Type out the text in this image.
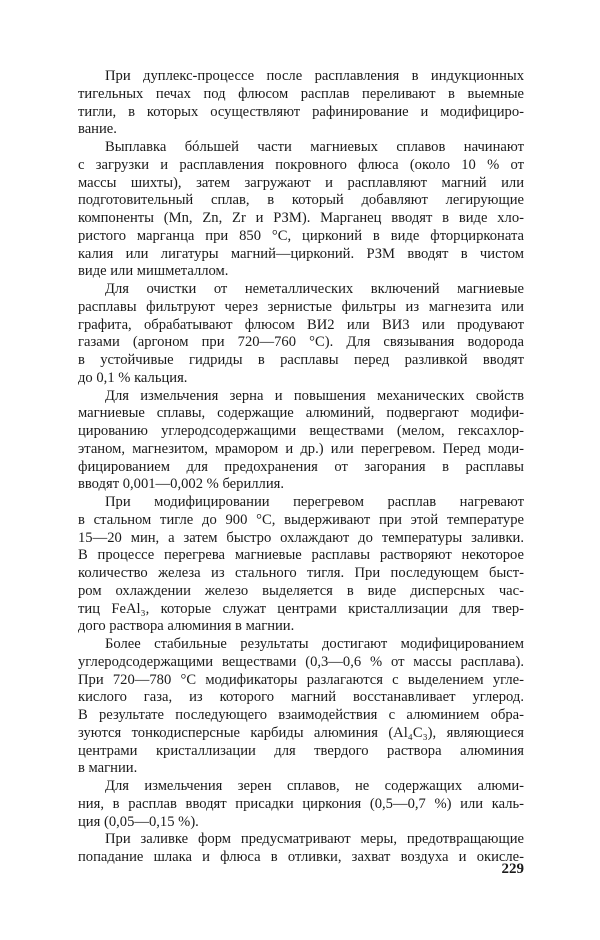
При дуплекс-процессе после расплавления в индукционных
тигельных печах под флюсом расплав переливают в выемные
тигли, в которых осуществляют рафинирование и модифициро-
вание.
Выплавка бóльшей части магниевых сплавов начинают
с загрузки и расплавления покровного флюса (около 10 % от
массы шихты), затем загружают и расплавляют магний или
подготовительный сплав, в который добавляют легирующие
компоненты (Mn, Zn, Zr и РЗМ). Марганец вводят в виде хло-
ристого марганца при 850 °С, цирконий в виде фторцирконата
калия или лигатуры магний—цирконий. РЗМ вводят в чистом
виде или мишметаллом.
Для очистки от неметаллических включений магниевые
расплавы фильтруют через зернистые фильтры из магнезита или
графита, обрабатывают флюсом ВИ2 или ВИ3 или продувают
газами (аргоном при 720—760 °С). Для связывания водорода
в устойчивые гидриды в расплавы перед разливкой вводят
до 0,1 % кальция.
Для измельчения зерна и повышения механических свойств
магниевые сплавы, содержащие алюминий, подвергают модифи-
цированию углеродсодержащими веществами (мелом, гексахлор-
этаном, магнезитом, мрамором и др.) или перегревом. Перед моди-
фицированием для предохранения от загорания в расплавы
вводят 0,001—0,002 % бериллия.
При модифицировании перегревом расплав нагревают
в стальном тигле до 900 °С, выдерживают при этой температуре
15—20 мин, а затем быстро охлаждают до температуры заливки.
В процессе перегрева магниевые расплавы растворяют некоторое
количество железа из стального тигля. При последующем быст-
ром охлаждении железо выделяется в виде дисперсных час-
тиц FeAl₃, которые служат центрами кристаллизации для твер-
дого раствора алюминия в магнии.
Более стабильные результаты достигают модифицированием
углеродсодержащими веществами (0,3—0,6 % от массы расплава).
При 720—780 °С модификаторы разлагаются с выделением угле-
кислого газа, из которого магний восстанавливает углерод.
В результате последующего взаимодействия с алюминием обра-
зуются тонкодисперсные карбиды алюминия (Al₄C₃), являющиеся
центрами кристаллизации для твердого раствора алюминия
в магнии.
Для измельчения зерен сплавов, не содержащих алюми-
ния, в расплав вводят присадки циркония (0,5—0,7 %) или каль-
ция (0,05—0,15 %).
При заливке форм предусматривают меры, предотвращающие
попадание шлака и флюса в отливки, захват воздуха и окисле-
229
